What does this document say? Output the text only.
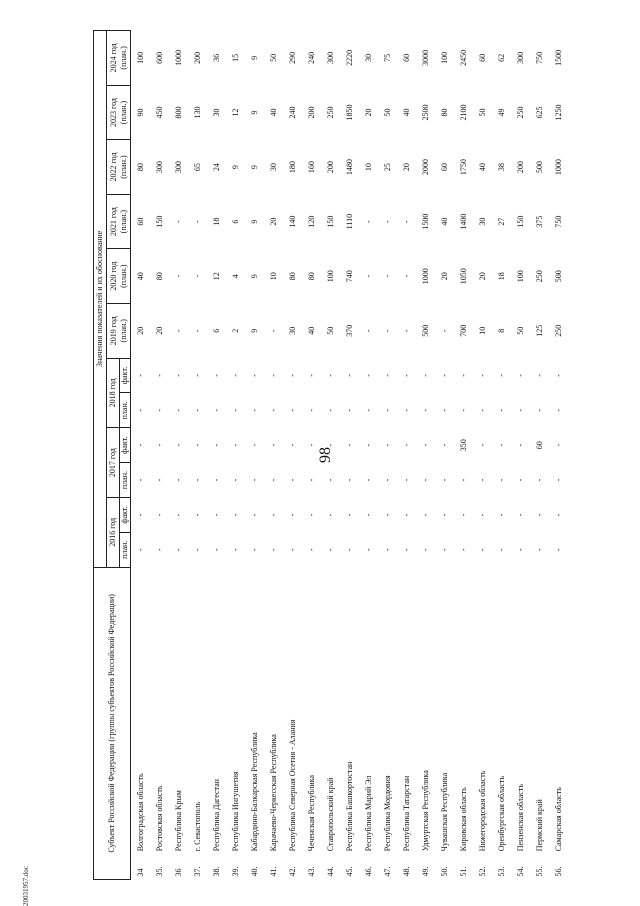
98
20031957.doc
Субъект Российской Федерации (группы субъектов Российской Федерации)		Значения показателей и их обоснование											
		2016 год		2017 год		2018 год		2019 год (план.)	2020 год (план.)	2021 год (план.)	2022 год (план.)	2023 год (план.)	2024 год (план.)
		план.	факт.	план.	факт.	план.	факт.						
34	Волгоградская область	-	-	-	-	-	-	20	40	60	80	90	100
35.	Ростовская область	-	-	-	-	-	-	20	80	150	300	450	600
36	Республика Крым	-	-	-	-	-	-	-	-	-	300	800	1000
37.	г. Севастополь	-	-	-	-	-	-	-	-	-	65	130	200
38.	Республика Дагестан	-	-	-	-	-	-	6	12	18	24	30	36
39.	Республика Ингушетия	-	-	-	-	-	-	2	4	6	9	12	15
40.	Кабардино-Балкарская Республика	-	-	-	-	-	-	9	9	9	9	9	9
41.	Карачаево-Черкесская Республика	-	-	-	-	-	-	-	10	20	30	40	50
42.	Республика Северная Осетия - Алания	-	-	-	-	-	-	30	80	140	180	240	290
43.	Чеченская Республика	-	-	-	-	-	-	40	80	120	160	200	240
44.	Ставропольский край	-	-	-	-	-	-	50	100	150	200	250	300
45.	Республика Башкортостан	-	-	-	-	-	-	370	740	1110	1480	1850	2220
46.	Республика Марий Эл	-	-	-	-	-	-	-	-	-	10	20	30
47.	Республика Мордовия	-	-	-	-	-	-	-	-	-	25	50	75
48.	Республика Татарстан	-	-	-	-	-	-	-	-	-	20	40	60
49.	Удмуртская Республика	-	-	-	-	-	-	500	1000	1500	2000	2500	3000
50.	Чувашская Республика	-	-	-	-	-	-	-	20	40	60	80	100
51.	Кировская область	-	-	-	350	-	-	700	1050	1400	1750	2100	2450
52.	Нижегородская область	-	-	-	-	-	-	10	20	30	40	50	60
53.	Оренбургская область	-	-	-	-	-	-	8	18	27	38	49	62
54.	Пензенская область	-	-	-	-	-	-	50	100	150	200	250	300
55.	Пермский край	-	-	-	60	-	-	125	250	375	500	625	750
56.	Самарская область	-	-	-	-	-	-	250	500	750	1000	1250	1500
